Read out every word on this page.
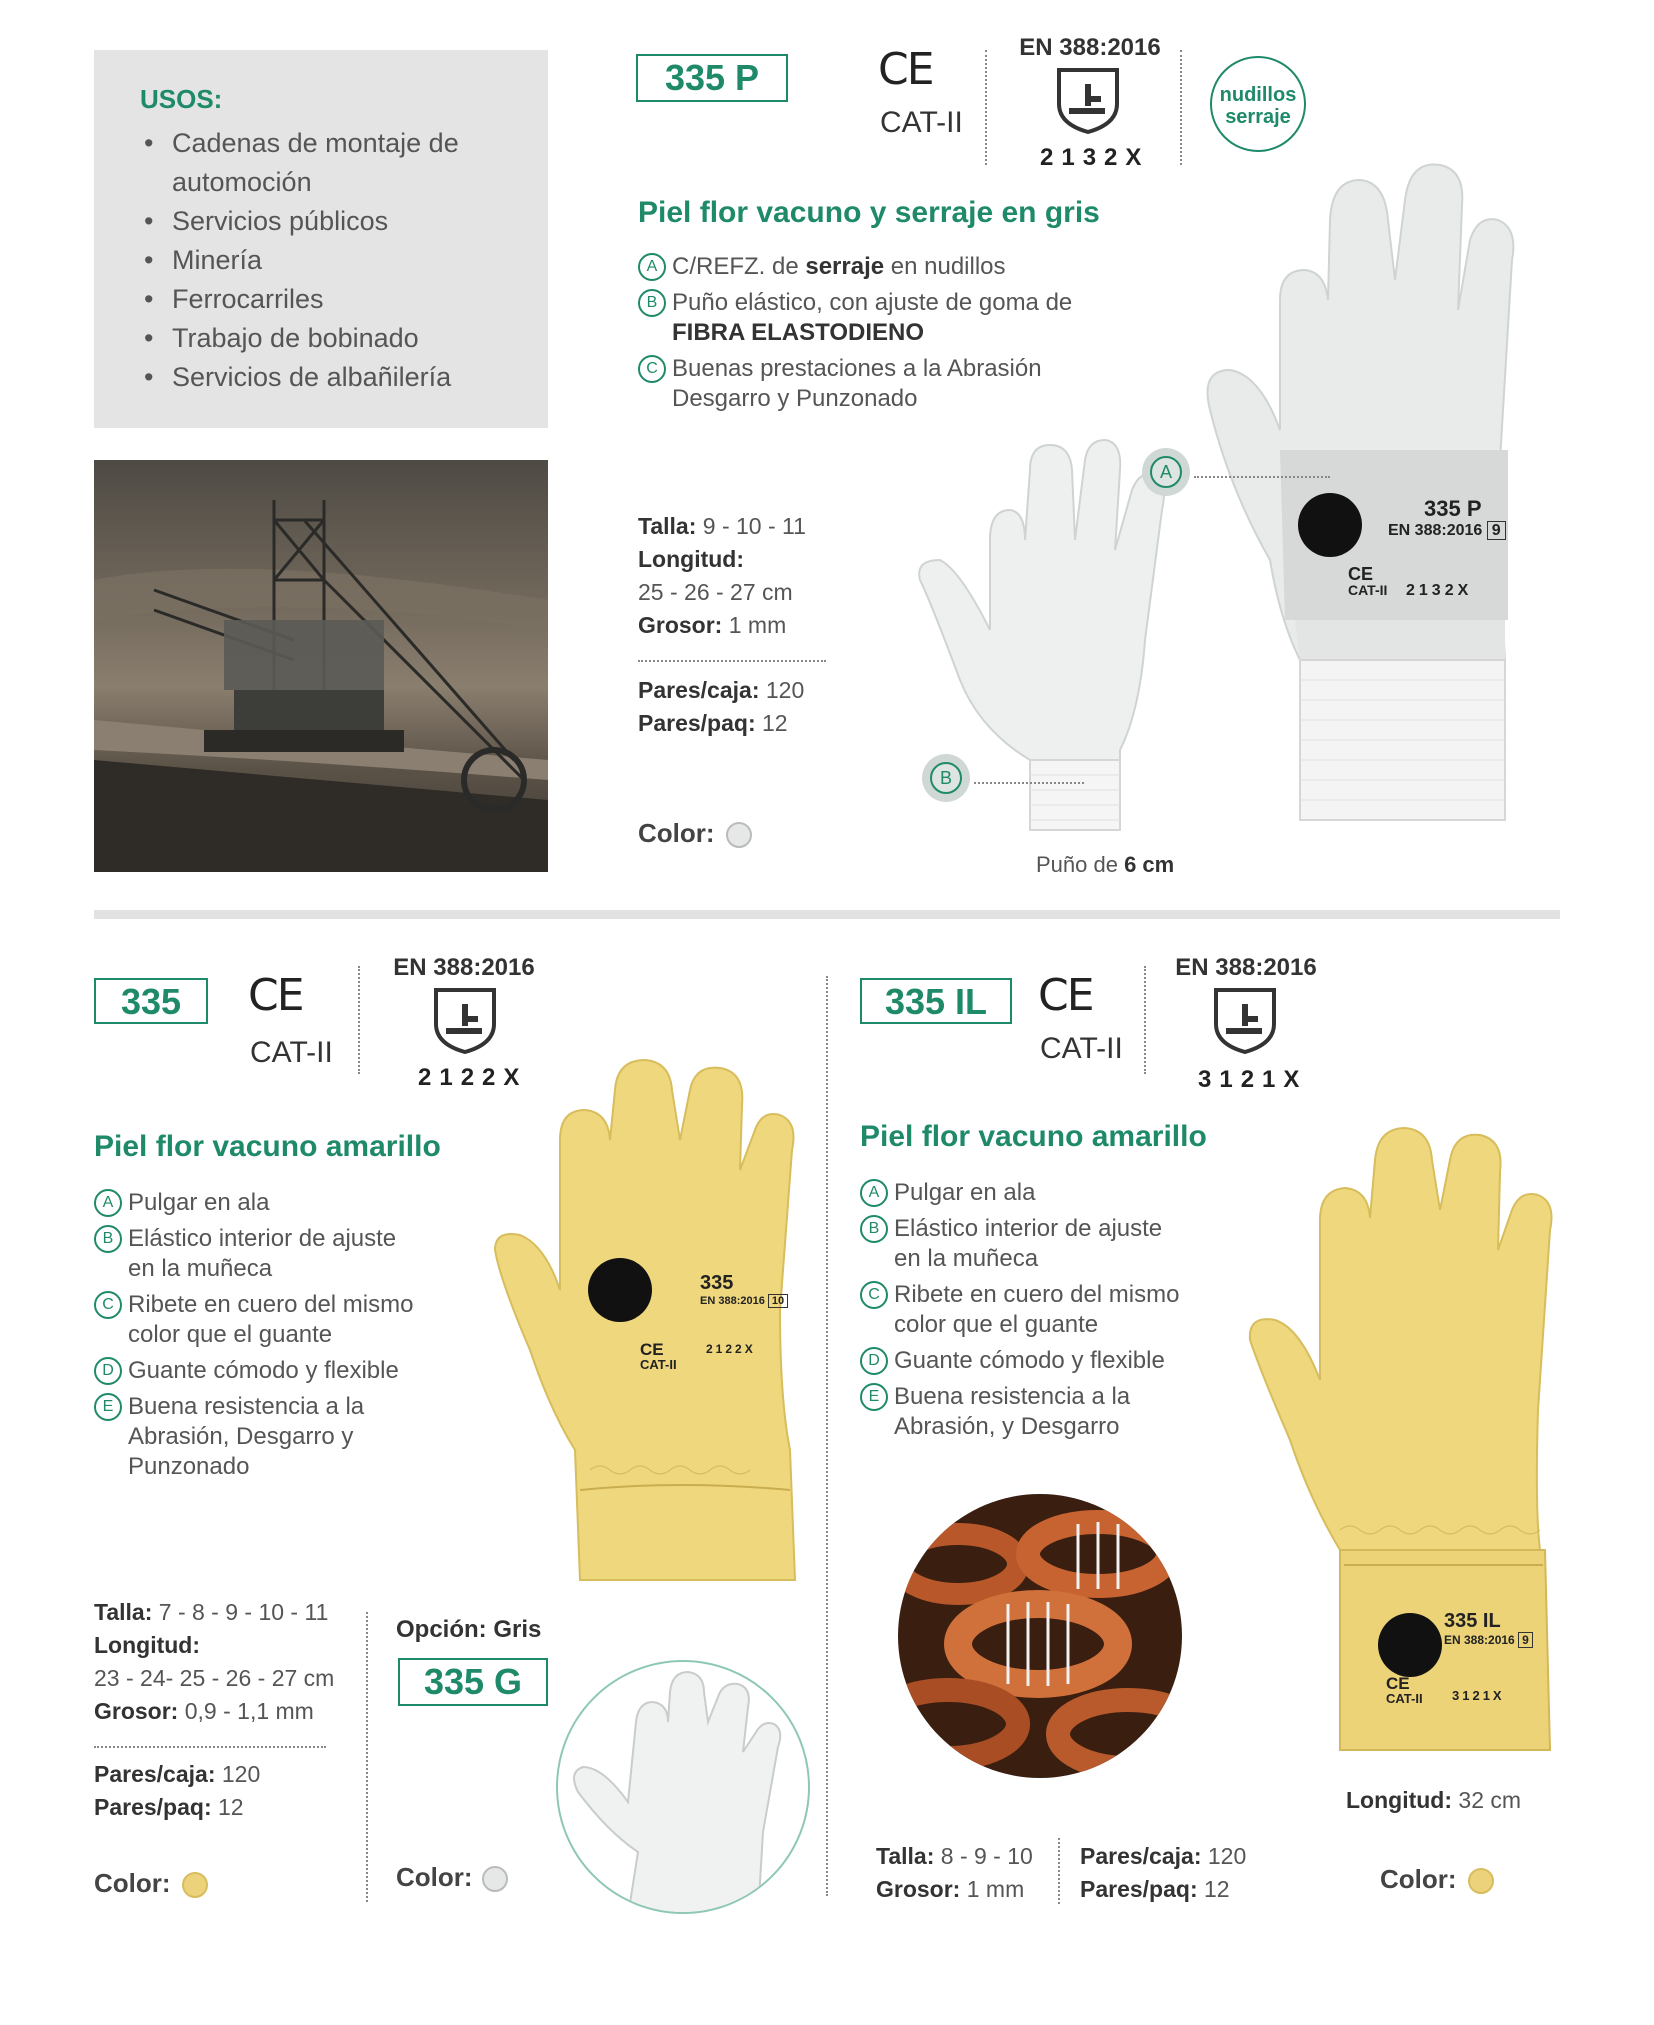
USOS:
• Cadenas de montaje de automoción
• Servicios públicos
• Minería
• Ferrocarriles
• Trabajo de bobinado
• Servicios de albañilería
335 P	CE
CAT-II
EN 388:2016
2132X
nudillos
serraje
Piel flor vacuno y serraje en gris
A C/REFZ. de serraje en nudillos
B Puño elástico, con ajuste de goma de FIBRA ELASTODIENO
C Buenas prestaciones a la Abrasión Desgarro y Punzonado
Talla: 9 - 10 - 11
Longitud:
25 - 26 - 27 cm
Grosor: 1 mm
Pares/caja: 120
Pares/paq: 12
Color:
335 P
EN 388:2016 9
CE
CAT-II 2132X
A
B
Puño de 6 cm
335	CE
CAT-II
EN 388:2016
2122X
Piel flor vacuno amarillo
A Pulgar en ala
B Elástico interior de ajuste en la muñeca
C Ribete en cuero del mismo color que el guante
D Guante cómodo y flexible
E Buena resistencia a la Abrasión, Desgarro y Punzonado
335
EN 388:2016 10
CE
CAT-II
2122X
Talla: 7 - 8 - 9 - 10 - 11
Longitud:
23 - 24- 25 - 26 - 27 cm
Grosor: 0,9 - 1,1 mm
Pares/caja: 120
Pares/paq: 12
Color:
Opción: Gris
335 G
Color:
335 IL	CE
CAT-II
EN 388:2016
3121X
Piel flor vacuno amarillo
A Pulgar en ala
B Elástico interior de ajuste en la muñeca
C Ribete en cuero del mismo color que el guante
D Guante cómodo y flexible
E Buena resistencia a la Abrasión, y Desgarro
335 IL
EN 388:2016 9
CE
CAT-II 3121X
Talla: 8 - 9 - 10
Grosor: 1 mm
Pares/caja: 120
Pares/paq: 12
Longitud: 32 cm
Color:
